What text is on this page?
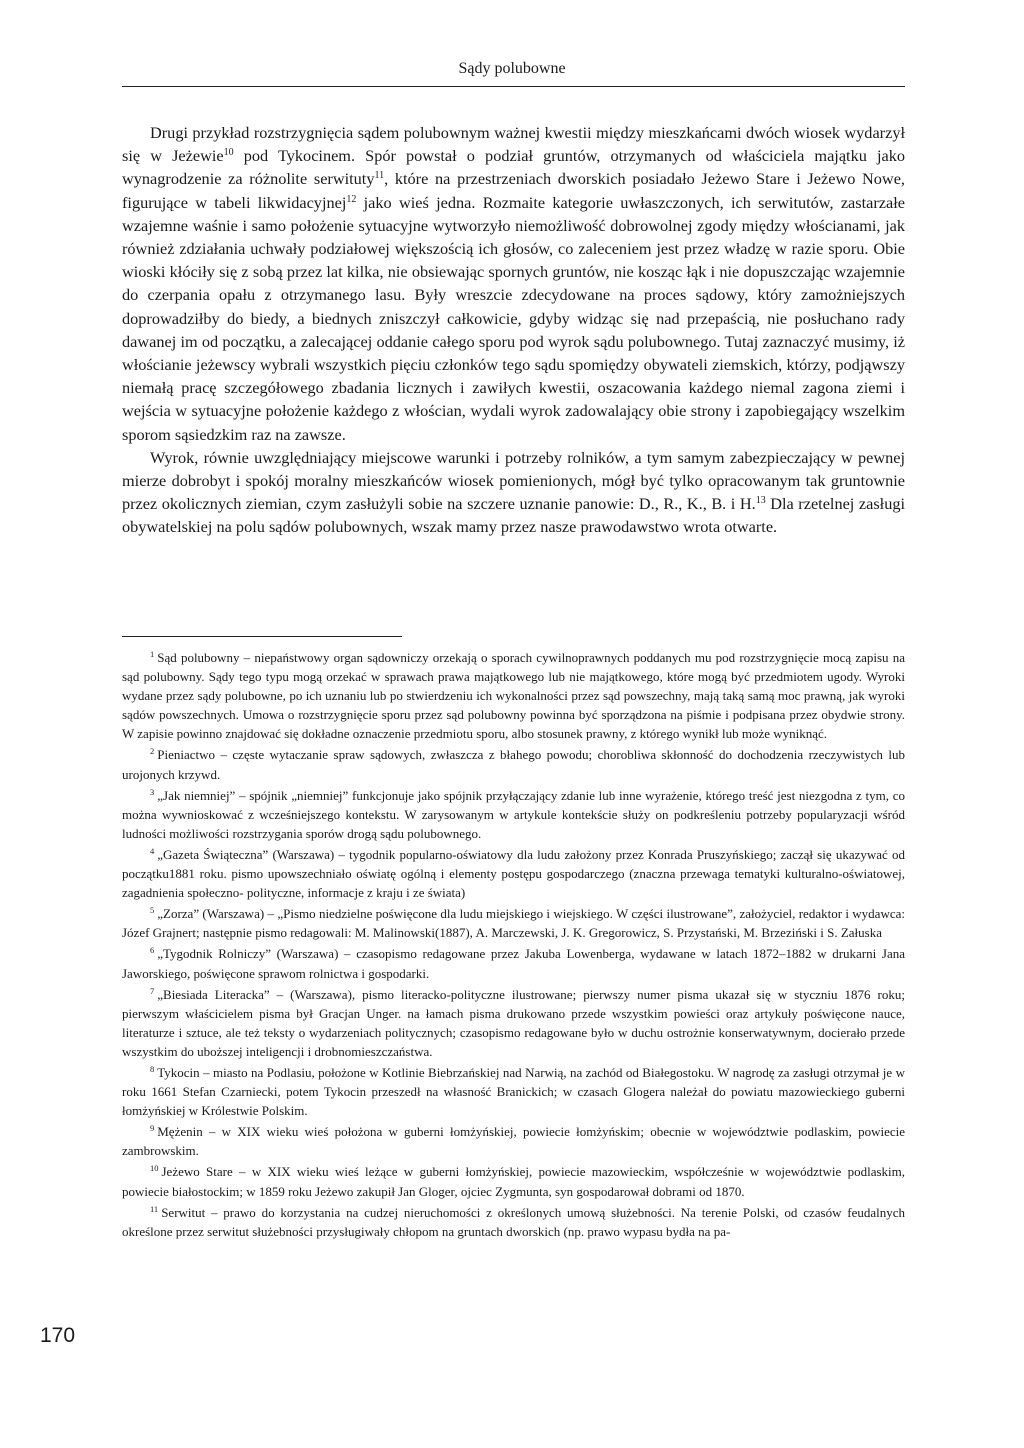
Sądy polubowne

Drugi przykład rozstrzygnięcia sądem polubownym ważnej kwestii między mieszkańcami dwóch wiosek wydarzył się w Jeżewie$^{10}$ pod Tykocinem. Spór powstał o podział gruntów, otrzymanych od właściciela majątku jako wynagrodzenie za różnolite serwituty$^{11}$, które na przestrzeniach dworskich posiadało Jeżewo Stare i Jeżewo Nowe, figurujące w tabeli likwidacyjnej$^{12}$ jako wieś jedna. Rozmaite kategorie uwłaszczonych, ich serwitutów, zastarzałe wzajemne waśnie i samo położenie sytuacyjne wytworzyło niemożliwość dobrowolnej zgody między włościanami, jak również zdziałania uchwały podziałowej większością ich głosów, co zaleceniem jest przez władzę w razie sporu. Obie wioski kłóciły się z sobą przez lat kilka, nie obsiewając spornych gruntów, nie kosząc łąk i nie dopuszczając wzajemnie do czerpania opału z otrzymanego lasu. Były wreszcie zdecydowane na proces sądowy, który zamożniejszych doprowadziłby do biedy, a biednych zniszczył całkowicie, gdyby widząc się nad przepaścią, nie posłuchano rady dawanej im od początku, a zalecającej oddanie całego sporu pod wyrok sądu polubownego. Tutaj zaznaczyć musimy, iż włościanie jeżewscy wybrali wszystkich pięciu członków tego sądu spomiędzy obywateli ziemskich, którzy, podjąwszy niemałą pracę szczegółowego zbadania licznych i zawiłych kwestii, oszacowania każdego niemal zagona ziemi i wejścia w sytuacyjne położenie każdego z włościan, wydali wyrok zadowalający obie strony i zapobiegający wszelkim sporom sąsiedzkim raz na zawsze.

Wyrok, równie uwzględniający miejscowe warunki i potrzeby rolników, a tym samym zabezpieczający w pewnej mierze dobrobyt i spokój moralny mieszkańców wiosek pomienionych, mógł być tylko opracowanym tak gruntownie przez okolicznych ziemian, czym zasłużyli sobie na szczere uznanie panowie: D., R., K., B. i H.$^{13}$ Dla rzetelnej zasługi obywatelskiej na polu sądów polubownych, wszak mamy przez nasze prawodawstwo wrota otwarte.

$^1$ Sąd polubowny – niepaństwowy organ sądowniczy orzekają o sporach cywilnoprawnych poddanych mu pod rozstrzygnięcie mocą zapisu na sąd polubowny. Sądy tego typu mogą orzekać w sprawach prawa majątkowego lub nie majątkowego, które mogą być przedmiotem ugody. Wyroki wydane przez sądy polubowne, po ich uznaniu lub po stwierdzeniu ich wykonalności przez sąd powszechny, mają taką samą moc prawną, jak wyroki sądów powszechnych. Umowa o rozstrzygnięcie sporu przez sąd polubowny powinna być sporządzona na piśmie i podpisana przez obydwie strony. W zapisie powinno znajdować się dokładne oznaczenie przedmiotu sporu, albo stosunek prawny, z którego wynikł lub może wyniknąć.

$^2$ Pieniactwo – częste wytaczanie spraw sądowych, zwłaszcza z błahego powodu; chorobliwa skłonność do dochodzenia rzeczywistych lub urojonych krzywd.

$^3$ „Jak niemniej” – spójnik „niemniej” funkcjonuje jako spójnik przyłączający zdanie lub inne wyrażenie, którego treść jest niezgodna z tym, co można wywnioskować z wcześniejszego kontekstu. W zarysowanym w artykule kontekście służy on podkreśleniu potrzeby popularyzacji wśród ludności możliwości rozstrzygania sporów drogą sądu polubownego.

$^4$ „Gazeta Świąteczna” (Warszawa) – tygodnik popularno-oświatowy dla ludu założony przez Konrada Pruszyńskiego; zaczął się ukazywać od początku1881 roku. pismo upowszechniało oświatę ogólną i elementy postępu gospodarczego (znaczna przewaga tematyki kulturalno-oświatowej, zagadnienia społeczno- polityczne, informacje z kraju i ze świata)

$^5$ „Zorza” (Warszawa) – „Pismo niedzielne poświęcone dla ludu miejskiego i wiejskiego. W części ilustrowane”, założyciel, redaktor i wydawca: Józef Grajnert; następnie pismo redagowali: M. Malinowski(1887), A. Marczewski, J. K. Gregorowicz, S. Przystański, M. Brzeziński i S. Załuska

$^6$ „Tygodnik Rolniczy” (Warszawa) – czasopismo redagowane przez Jakuba Lowenberga, wydawane w latach 1872–1882 w drukarni Jana Jaworskiego, poświęcone sprawom rolnictwa i gospodarki.

$^7$ „Biesiada Literacka” – (Warszawa), pismo literacko-polityczne ilustrowane; pierwszy numer pisma ukazał się w styczniu 1876 roku; pierwszym właścicielem pisma był Gracjan Unger. na łamach pisma drukowano przede wszystkim powieści oraz artykuły poświęcone nauce, literaturze i sztuce, ale też teksty o wydarzeniach politycznych; czasopismo redagowane było w duchu ostrożnie konserwatywnym, docierało przede wszystkim do uboższej inteligencji i drobnomieszczaństwa.

$^8$ Tykocin – miasto na Podlasiu, położone w Kotlinie Biebrzańskiej nad Narwią, na zachód od Białegostoku. W nagrodę za zasługi otrzymał je w roku 1661 Stefan Czarniecki, potem Tykocin przeszedł na własność Branickich; w czasach Glogera należał do powiatu mazowieckiego guberni łomżyńskiej w Królestwie Polskim.

$^9$ Mężenin – w XIX wieku wieś położona w guberni łomżyńskiej, powiecie łomżyńskim; obecnie w województwie podlaskim, powiecie zambrowskim.

$^{10}$ Jeżewo Stare – w XIX wieku wieś leżące w guberni łomżyńskiej, powiecie mazowieckim, współcześnie w województwie podlaskim, powiecie białostockim; w 1859 roku Jeżewo zakupił Jan Gloger, ojciec Zygmunta, syn gospodarował dobrami od 1870.

$^{11}$ Serwitut – prawo do korzystania na cudzej nieruchomości z określonych umową służebności. Na terenie Polski, od czasów feudalnych określone przez serwitut służebności przysługiwały chłopom na gruntach dworskich (np. prawo wypasu bydła na pa-

170
